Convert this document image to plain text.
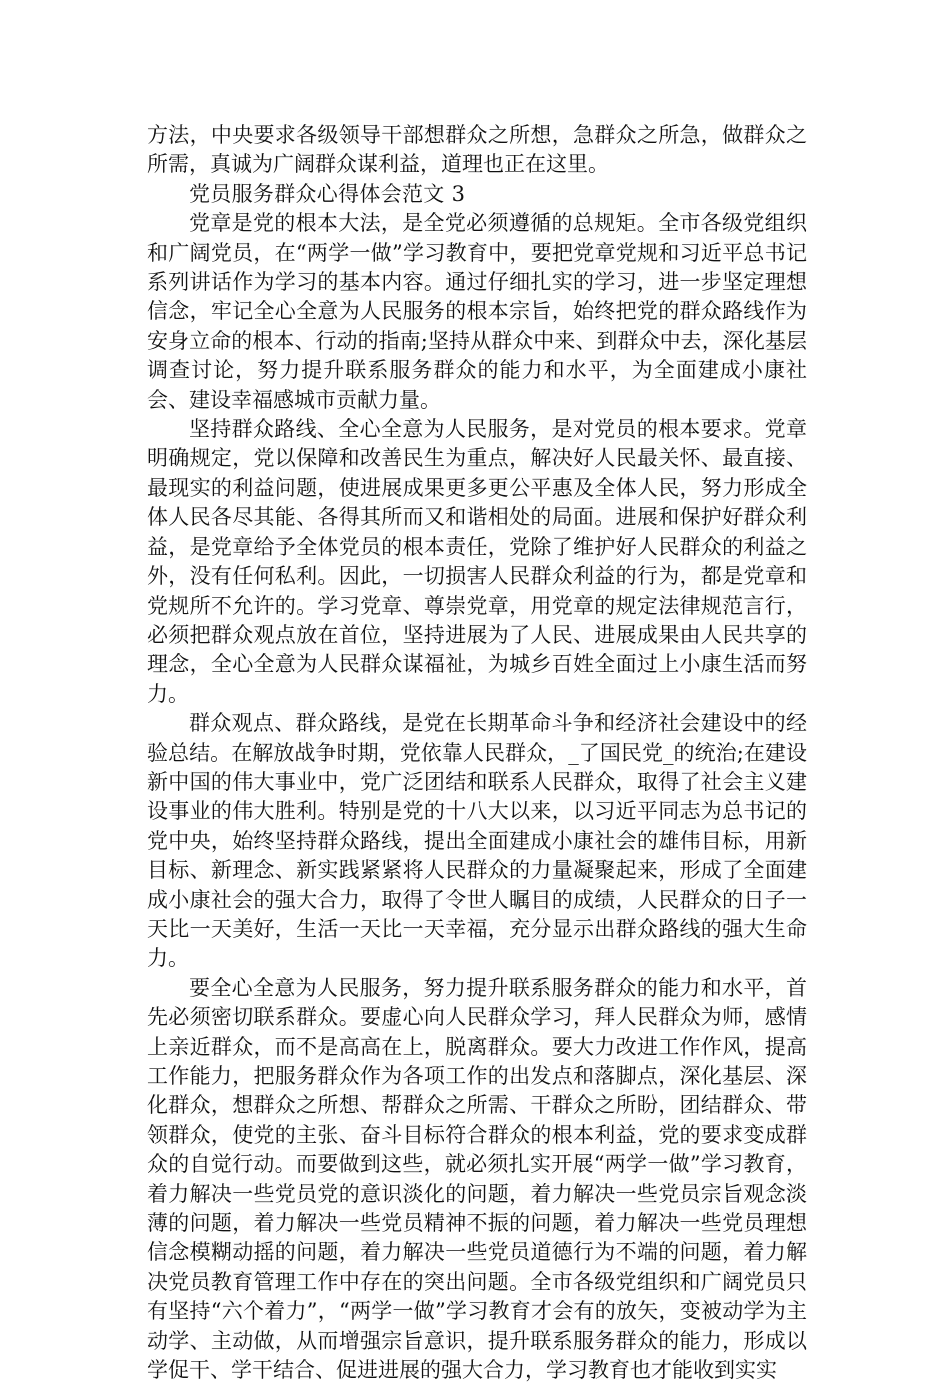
方法，中央要求各级领导干部想群众之所想，急群众之所急，做群众之所需，真诚为广阔群众谋利益，道理也正在这里。

党员服务群众心得体会范文 3

党章是党的根本大法，是全党必须遵循的总规矩。全市各级党组织和广阔党员，在“两学一做”学习教育中，要把党章党规和习近平总书记系列讲话作为学习的基本内容。通过仔细扎实的学习，进一步坚定理想信念，牢记全心全意为人民服务的根本宗旨，始终把党的群众路线作为安身立命的根本、行动的指南;坚持从群众中来、到群众中去，深化基层调查讨论，努力提升联系服务群众的能力和水平，为全面建成小康社会、建设幸福感城市贡献力量。

坚持群众路线、全心全意为人民服务，是对党员的根本要求。党章明确规定，党以保障和改善民生为重点，解决好人民最关怀、最直接、最现实的利益问题，使进展成果更多更公平惠及全体人民，努力形成全体人民各尽其能、各得其所而又和谐相处的局面。进展和保护好群众利益，是党章给予全体党员的根本责任，党除了维护好人民群众的利益之外，没有任何私利。因此，一切损害人民群众利益的行为，都是党章和党规所不允许的。学习党章、尊崇党章，用党章的规定法律规范言行，必须把群众观点放在首位，坚持进展为了人民、进展成果由人民共享的理念，全心全意为人民群众谋福祉，为城乡百姓全面过上小康生活而努力。

群众观点、群众路线，是党在长期革命斗争和经济社会建设中的经验总结。在解放战争时期，党依靠人民群众，_了国民党_的统治;在建设新中国的伟大事业中，党广泛团结和联系人民群众，取得了社会主义建设事业的伟大胜利。特别是党的十八大以来，以习近平同志为总书记的党中央，始终坚持群众路线，提出全面建成小康社会的雄伟目标，用新目标、新理念、新实践紧紧将人民群众的力量凝聚起来，形成了全面建成小康社会的强大合力，取得了令世人瞩目的成绩，人民群众的日子一天比一天美好，生活一天比一天幸福，充分显示出群众路线的强大生命力。

要全心全意为人民服务，努力提升联系服务群众的能力和水平，首先必须密切联系群众。要虚心向人民群众学习，拜人民群众为师，感情上亲近群众，而不是高高在上，脱离群众。要大力改进工作作风，提高工作能力，把服务群众作为各项工作的出发点和落脚点，深化基层、深化群众，想群众之所想、帮群众之所需、干群众之所盼，团结群众、带领群众，使党的主张、奋斗目标符合群众的根本利益，党的要求变成群众的自觉行动。而要做到这些，就必须扎实开展“两学一做”学习教育，着力解决一些党员党的意识淡化的问题，着力解决一些党员宗旨观念淡薄的问题，着力解决一些党员精神不振的问题，着力解决一些党员理想信念模糊动摇的问题，着力解决一些党员道德行为不端的问题，着力解决党员教育管理工作中存在的突出问题。全市各级党组织和广阔党员只有坚持“六个着力”，“两学一做”学习教育才会有的放矢，变被动学为主动学、主动做，从而增强宗旨意识，提升联系服务群众的能力，形成以学促干、学干结合、促进进展的强大合力，学习教育也才能收到实实
